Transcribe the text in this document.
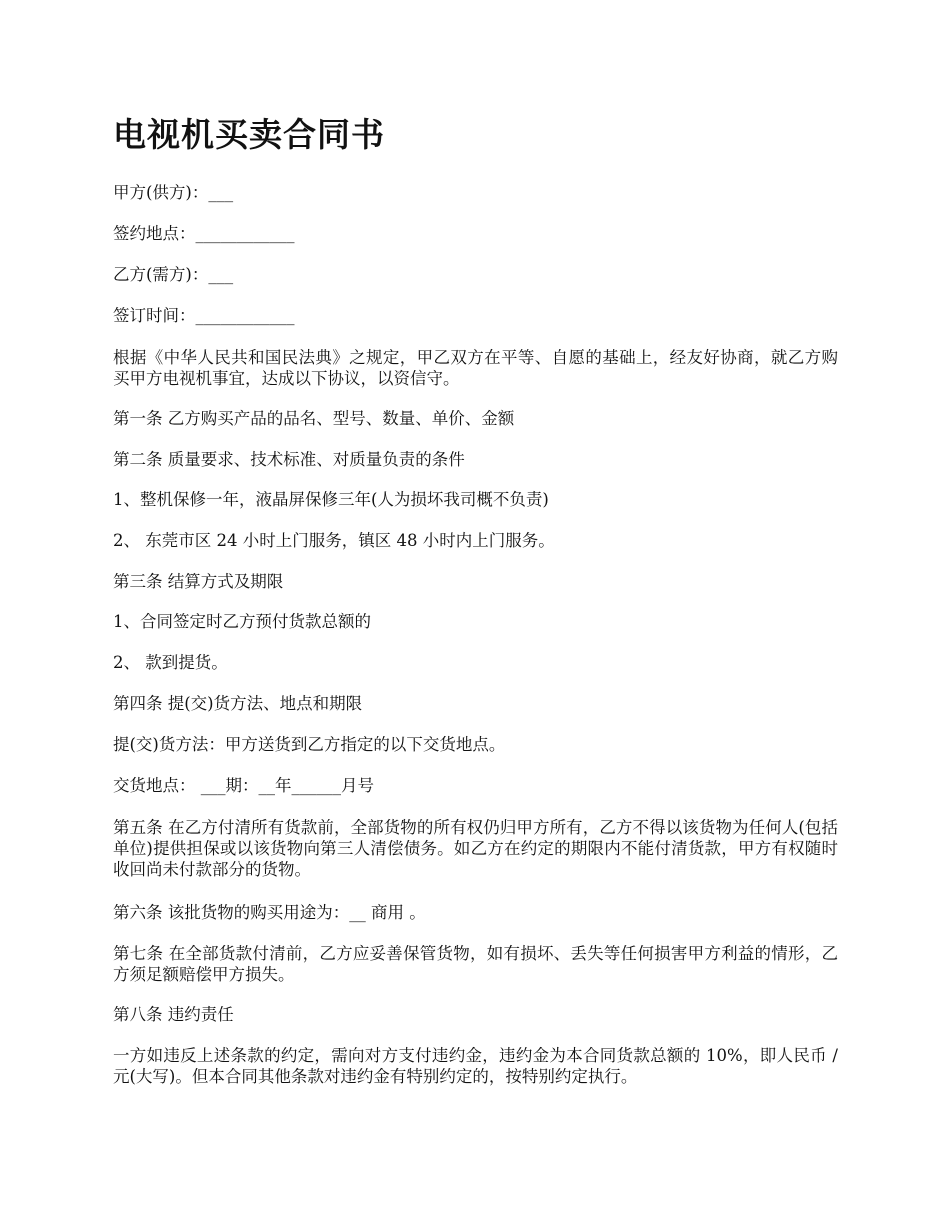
电视机买卖合同书

甲方(供方)：___

签约地点：____________

乙方(需方)：___

签订时间：____________

根据《中华人民共和国民法典》之规定，甲乙双方在平等、自愿的基础上，经友好协商，就乙方购买甲方电视机事宜，达成以下协议，以资信守。

第一条 乙方购买产品的品名、型号、数量、单价、金额

第二条 质量要求、技术标准、对质量负责的条件

1、整机保修一年，液晶屏保修三年(人为损坏我司概不负责)

2、 东莞市区 24 小时上门服务，镇区 48 小时内上门服务。

第三条 结算方式及期限

1、合同签定时乙方预付货款总额的

2、 款到提货。

第四条 提(交)货方法、地点和期限

提(交)货方法：甲方送货到乙方指定的以下交货地点。

交货地点： ___期：__年______月号

第五条 在乙方付清所有货款前，全部货物的所有权仍归甲方所有，乙方不得以该货物为任何人(包括单位)提供担保或以该货物向第三人清偿债务。如乙方在约定的期限内不能付清货款，甲方有权随时收回尚未付款部分的货物。

第六条 该批货物的购买用途为：__ 商用 。

第七条 在全部货款付清前，乙方应妥善保管货物，如有损坏、丢失等任何损害甲方利益的情形，乙方须足额赔偿甲方损失。

第八条 违约责任

一方如违反上述条款的约定，需向对方支付违约金，违约金为本合同货款总额的 10%，即人民币 /元(大写)。但本合同其他条款对违约金有特别约定的，按特别约定执行。
